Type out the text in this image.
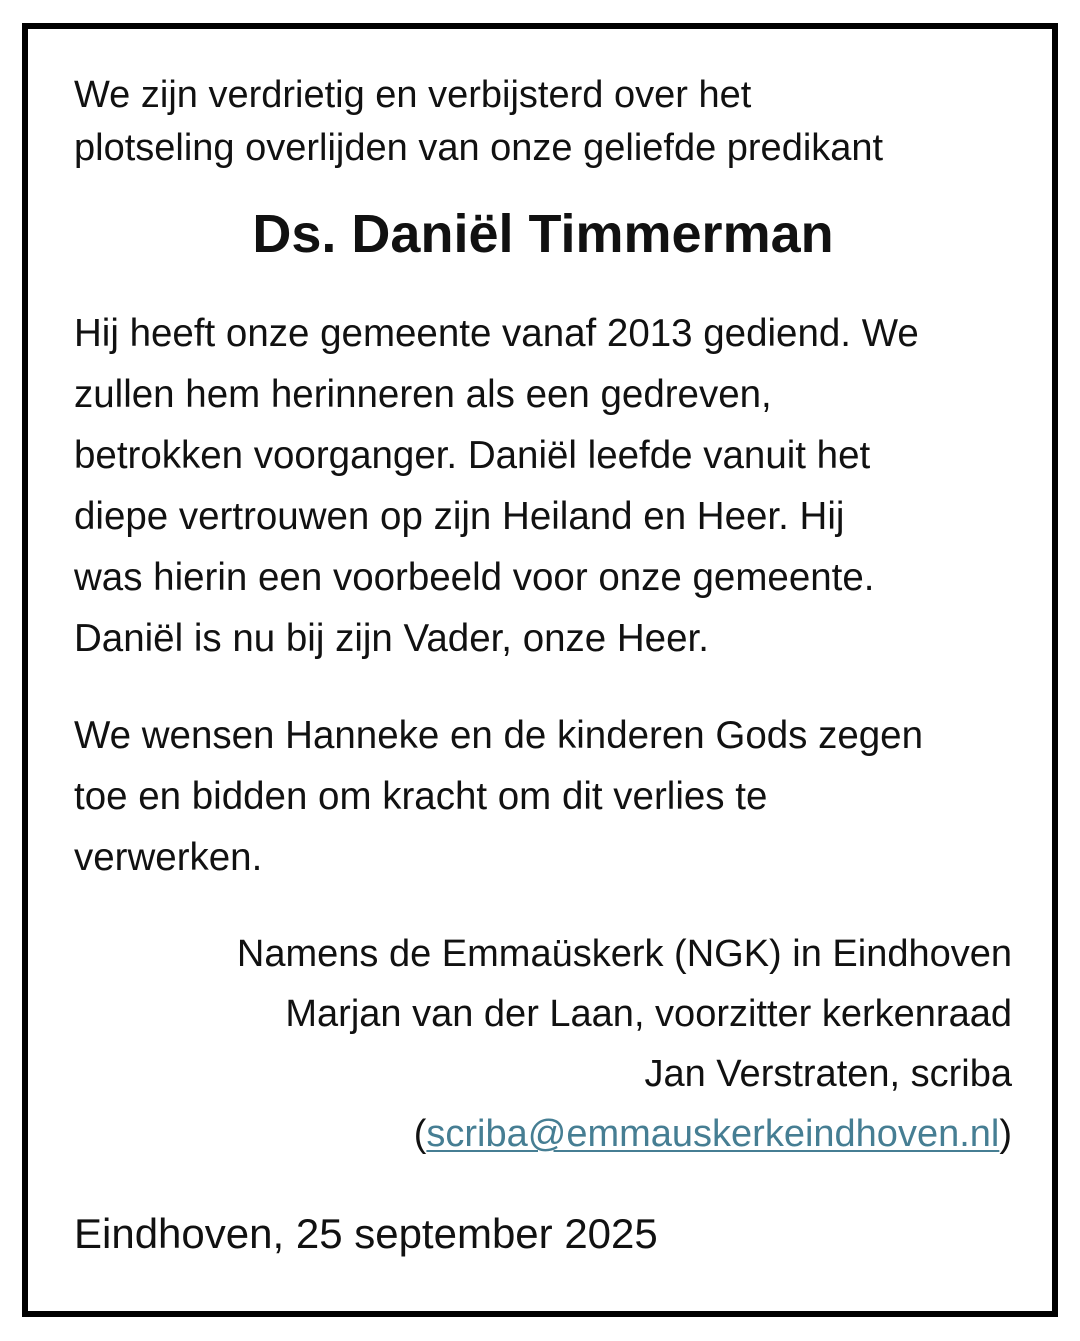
We zijn verdrietig en verbijsterd over het
plotseling overlijden van onze geliefde predikant
Ds. Daniël Timmerman
Hij heeft onze gemeente vanaf 2013 gediend. We
zullen hem herinneren als een gedreven,
betrokken voorganger. Daniël leefde vanuit het
diepe vertrouwen op zijn Heiland en Heer. Hij
was hierin een voorbeeld voor onze gemeente.
Daniël is nu bij zijn Vader, onze Heer.
We wensen Hanneke en de kinderen Gods zegen
toe en bidden om kracht om dit verlies te
verwerken.
Namens de Emmaüskerk (NGK) in Eindhoven
Marjan van der Laan, voorzitter kerkenraad
Jan Verstraten, scriba
(scriba@emmauskerkeindhoven.nl)
Eindhoven, 25 september 2025
